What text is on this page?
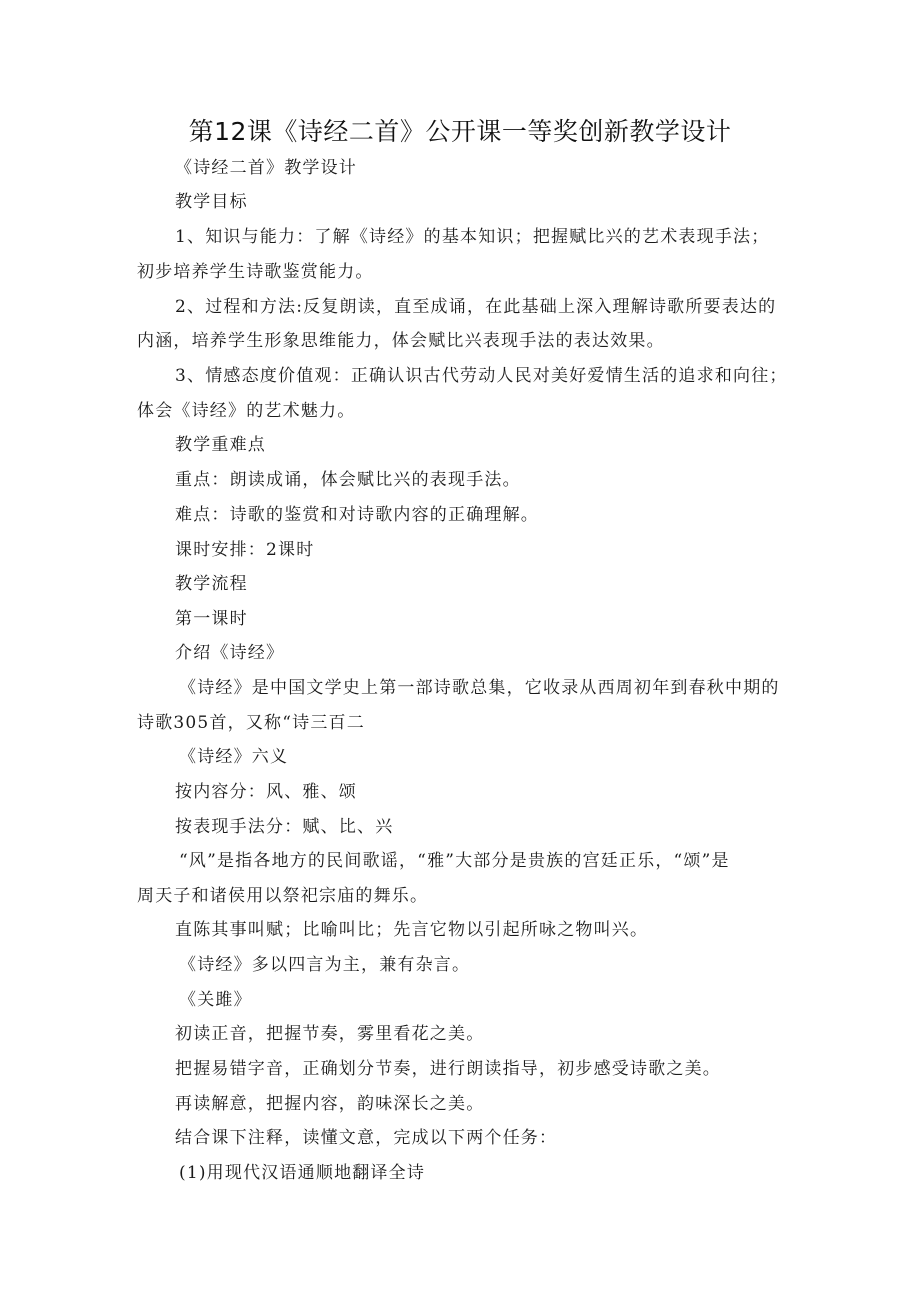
第12课《诗经二首》公开课一等奖创新教学设计
《诗经二首》教学设计
教学目标
1、知识与能力：了解《诗经》的基本知识；把握赋比兴的艺术表现手法；
初步培养学生诗歌鉴赏能力。
2、过程和方法:反复朗读，直至成诵，在此基础上深入理解诗歌所要表达的
内涵，培养学生形象思维能力，体会赋比兴表现手法的表达效果。
3、情感态度价值观：正确认识古代劳动人民对美好爱情生活的追求和向往；
体会《诗经》的艺术魅力。
教学重难点
重点：朗读成诵，体会赋比兴的表现手法。
难点：诗歌的鉴赏和对诗歌内容的正确理解。
课时安排：2课时
教学流程
第一课时
介绍《诗经》
《诗经》是中国文学史上第一部诗歌总集，它收录从西周初年到春秋中期的
诗歌305首，又称“诗三百二
《诗经》六义
按内容分：风、雅、颂
按表现手法分：赋、比、兴
“风”是指各地方的民间歌谣，“雅”大部分是贵族的宫廷正乐，“颂”是
周天子和诸侯用以祭祀宗庙的舞乐。
直陈其事叫赋；比喻叫比；先言它物以引起所咏之物叫兴。
《诗经》多以四言为主，兼有杂言。
《关雎》
初读正音，把握节奏，雾里看花之美。
把握易错字音，正确划分节奏，进行朗读指导，初步感受诗歌之美。
再读解意，把握内容，韵味深长之美。
结合课下注释，读懂文意，完成以下两个任务：
(1)用现代汉语通顺地翻译全诗
